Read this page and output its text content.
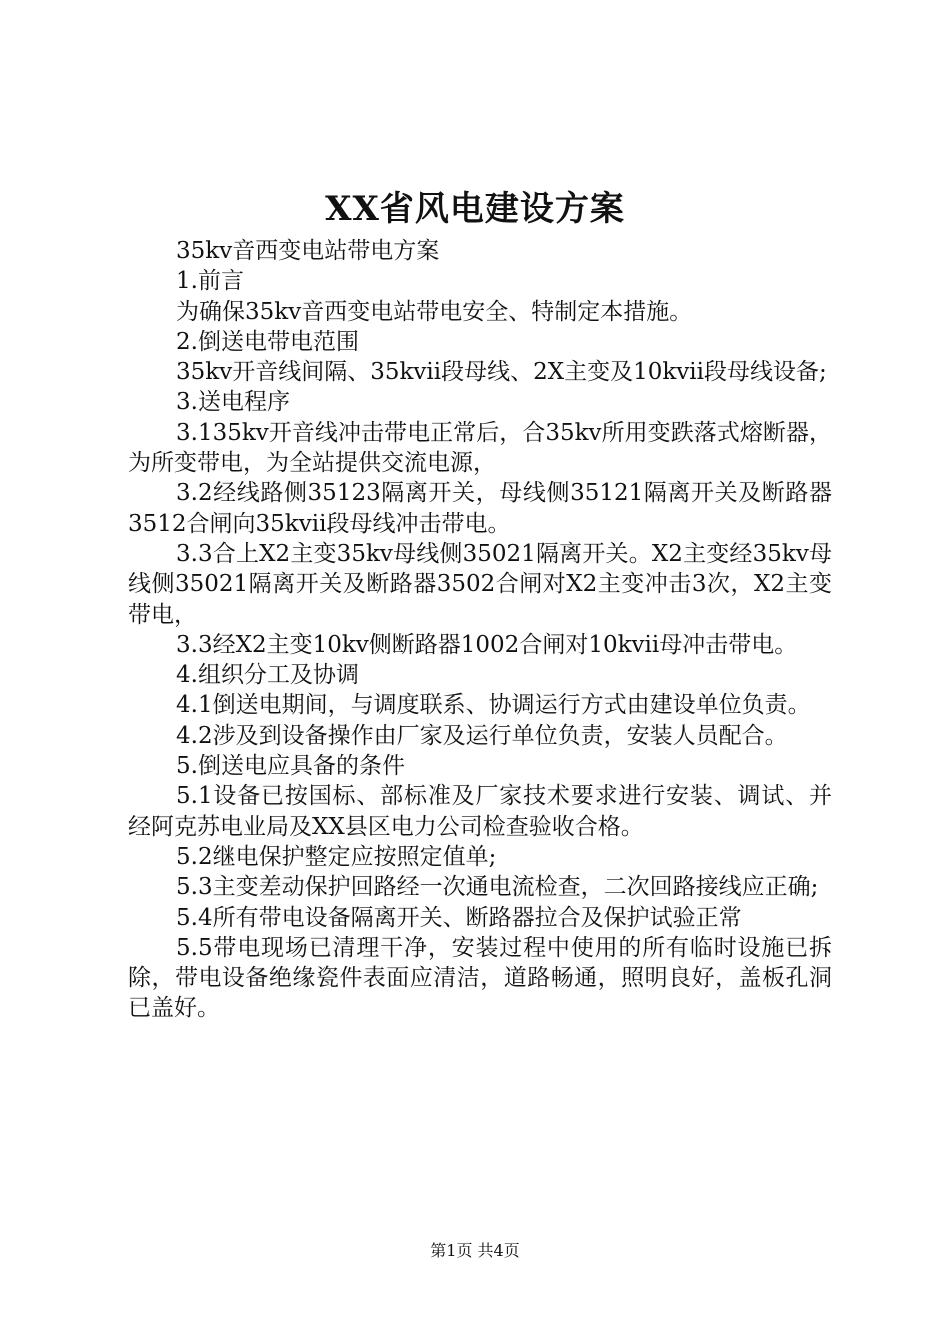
XX省风电建设方案

35kv音西变电站带电方案

1.前言

为确保35kv音西变电站带电安全、特制定本措施。

2.倒送电带电范围

35kv开音线间隔、35kvii段母线、2X主变及10kvii段母线设备;

3.送电程序

3.135kv开音线冲击带电正常后，合35kv所用变跌落式熔断器，为所变带电，为全站提供交流电源，

3.2经线路侧35123隔离开关，母线侧35121隔离开关及断路器3512合闸向35kvii段母线冲击带电。

3.3合上X2主变35kv母线侧35021隔离开关。X2主变经35kv母线侧35021隔离开关及断路器3502合闸对X2主变冲击3次，X2主变带电，

3.3经X2主变10kv侧断路器1002合闸对10kvii母冲击带电。

4.组织分工及协调

4.1倒送电期间，与调度联系、协调运行方式由建设单位负责。

4.2涉及到设备操作由厂家及运行单位负责，安装人员配合。

5.倒送电应具备的条件

5.1设备已按国标、部标准及厂家技术要求进行安装、调试、并经阿克苏电业局及XX县区电力公司检查验收合格。

5.2继电保护整定应按照定值单;

5.3主变差动保护回路经一次通电流检查，二次回路接线应正确;

5.4所有带电设备隔离开关、断路器拉合及保护试验正常

5.5带电现场已清理干净，安装过程中使用的所有临时设施已拆除，带电设备绝缘瓷件表面应清洁，道路畅通，照明良好，盖板孔洞已盖好。

第1页 共4页
